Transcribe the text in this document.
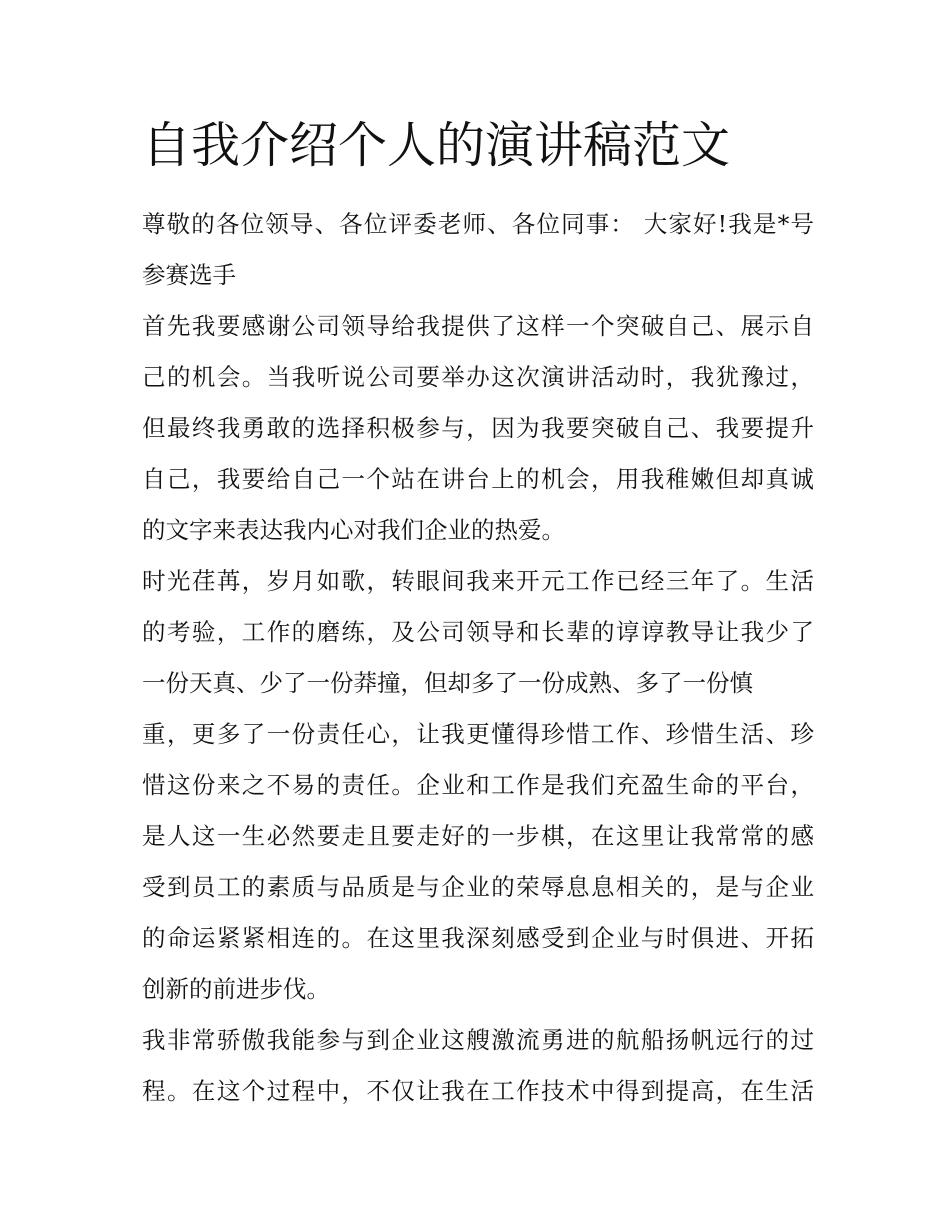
自我介绍个人的演讲稿范文
尊敬的各位领导、各位评委老师、各位同事： 大家好!我是*号
参赛选手
首先我要感谢公司领导给我提供了这样一个突破自己、展示自
己的机会。当我听说公司要举办这次演讲活动时，我犹豫过，
但最终我勇敢的选择积极参与，因为我要突破自己、我要提升
自己，我要给自己一个站在讲台上的机会，用我稚嫩但却真诚
的文字来表达我内心对我们企业的热爱。
时光荏苒，岁月如歌，转眼间我来开元工作已经三年了。生活
的考验，工作的磨练，及公司领导和长辈的谆谆教导让我少了
一份天真、少了一份莽撞，但却多了一份成熟、多了一份慎
重，更多了一份责任心，让我更懂得珍惜工作、珍惜生活、珍
惜这份来之不易的责任。企业和工作是我们充盈生命的平台，
是人这一生必然要走且要走好的一步棋，在这里让我常常的感
受到员工的素质与品质是与企业的荣辱息息相关的，是与企业
的命运紧紧相连的。在这里我深刻感受到企业与时俱进、开拓
创新的前进步伐。
我非常骄傲我能参与到企业这艘激流勇进的航船扬帆远行的过
程。在这个过程中，不仅让我在工作技术中得到提高，在生活
